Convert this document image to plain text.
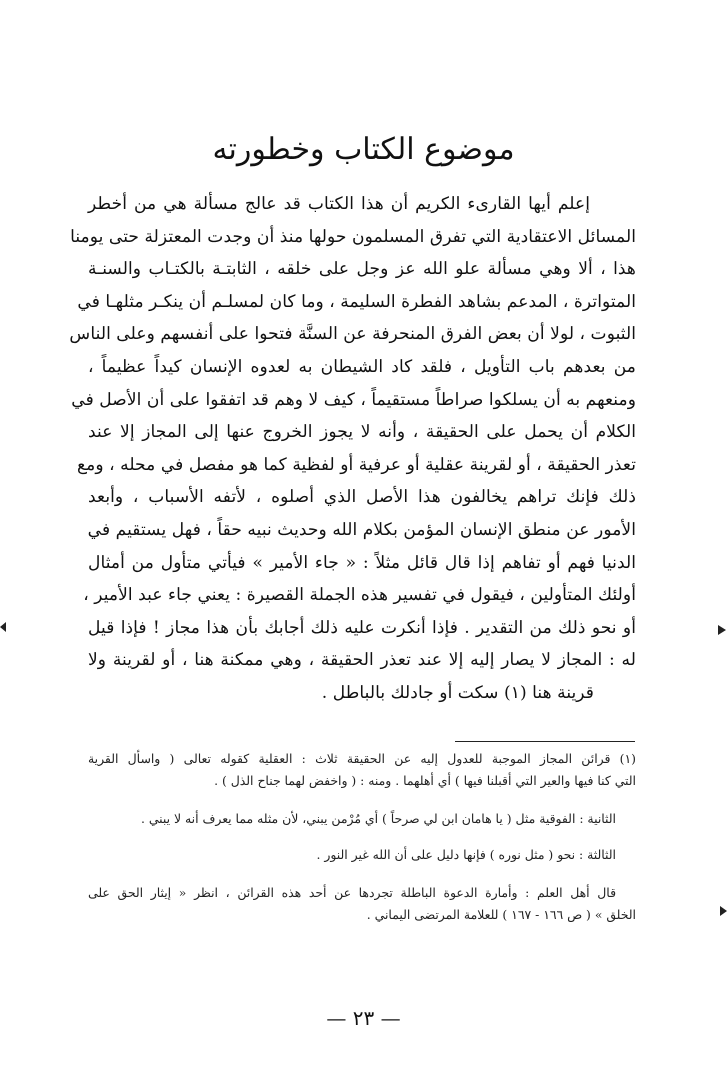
موضوع الكتاب وخطورته
إعلم أيها القارىء الكريم أن هذا الكتاب قد عالج مسألة هي من أخطر
المسائل الاعتقادية التي تفرق المسلمون حولها منذ أن وجدت المعتزلة حتى يومنا
هذا ، ألا وهي مسألة علو الله عز وجل على خلقه ، الثابتـة بالكتـاب والسنـة
المتواترة ، المدعم بشاهد الفطرة السليمة ، وما كان لمسلـم أن ينكـر مثلهـا في
الثبوت ، لولا أن بعض الفرق المنحرفة عن السنَّة فتحوا على أنفسهم وعلى الناس
من بعدهم باب التأويل ، فلقد كاد الشيطان به لعدوه الإنسان كيداً عظيماً ،
ومنعهم به أن يسلكوا صراطاً مستقيماً ، كيف لا وهم قد اتفقوا على أن الأصل في
الكلام أن يحمل على الحقيقة ، وأنه لا يجوز الخروج عنها إلى المجاز إلا عند
تعذر الحقيقة ، أو لقرينة عقلية أو عرفية أو لفظية كما هو مفصل في محله ، ومع
ذلك فإنك تراهم يخالفون هذا الأصل الذي أصلوه ، لأتفه الأسباب ، وأبعد
الأمور عن منطق الإنسان المؤمن بكلام الله وحديث نبيه حقاً ، فهل يستقيم في
الدنيا فهم أو تفاهم إذا قال قائل مثلاً : « جاء الأمير » فيأتي متأول من أمثال
أولئك المتأولين ، فيقول في تفسير هذه الجملة القصيرة : يعني جاء عبد الأمير ،
أو نحو ذلك من التقدير . فإذا أنكرت عليه ذلك أجابك بأن هذا مجاز ! فإذا قيل
له : المجاز لا يصار إليه إلا عند تعذر الحقيقة ، وهي ممكنة هنا ، أو لقرينة ولا
قرينة هنا (١) سكت أو جادلك بالباطل .
(١) قرائن المجاز الموجبة للعدول إليه عن الحقيقة ثلاث : العقلية كقوله تعالى ( واسأل القرية
التي كنا فيها والعير التي أقبلنا فيها ) أي أهلهما . ومنه : ( واخفض لهما جناح الذل ) .
الثانية : الفوقية مثل ( يا هامان ابن لي صرحاً ) أي مُرْمن يبني، لأن مثله مما يعرف أنه لا يبني .
الثالثة : نحو ( مثل نوره ) فإنها دليل على أن الله غير النور .
قال أهل العلم : وأمارة الدعوة الباطلة تجردها عن أحد هذه القرائن ، انظر « إيثار الحق على
الخلق » ( ص ١٦٦ - ١٦٧ ) للعلامة المرتضى اليماني .
— ٢٣ —
